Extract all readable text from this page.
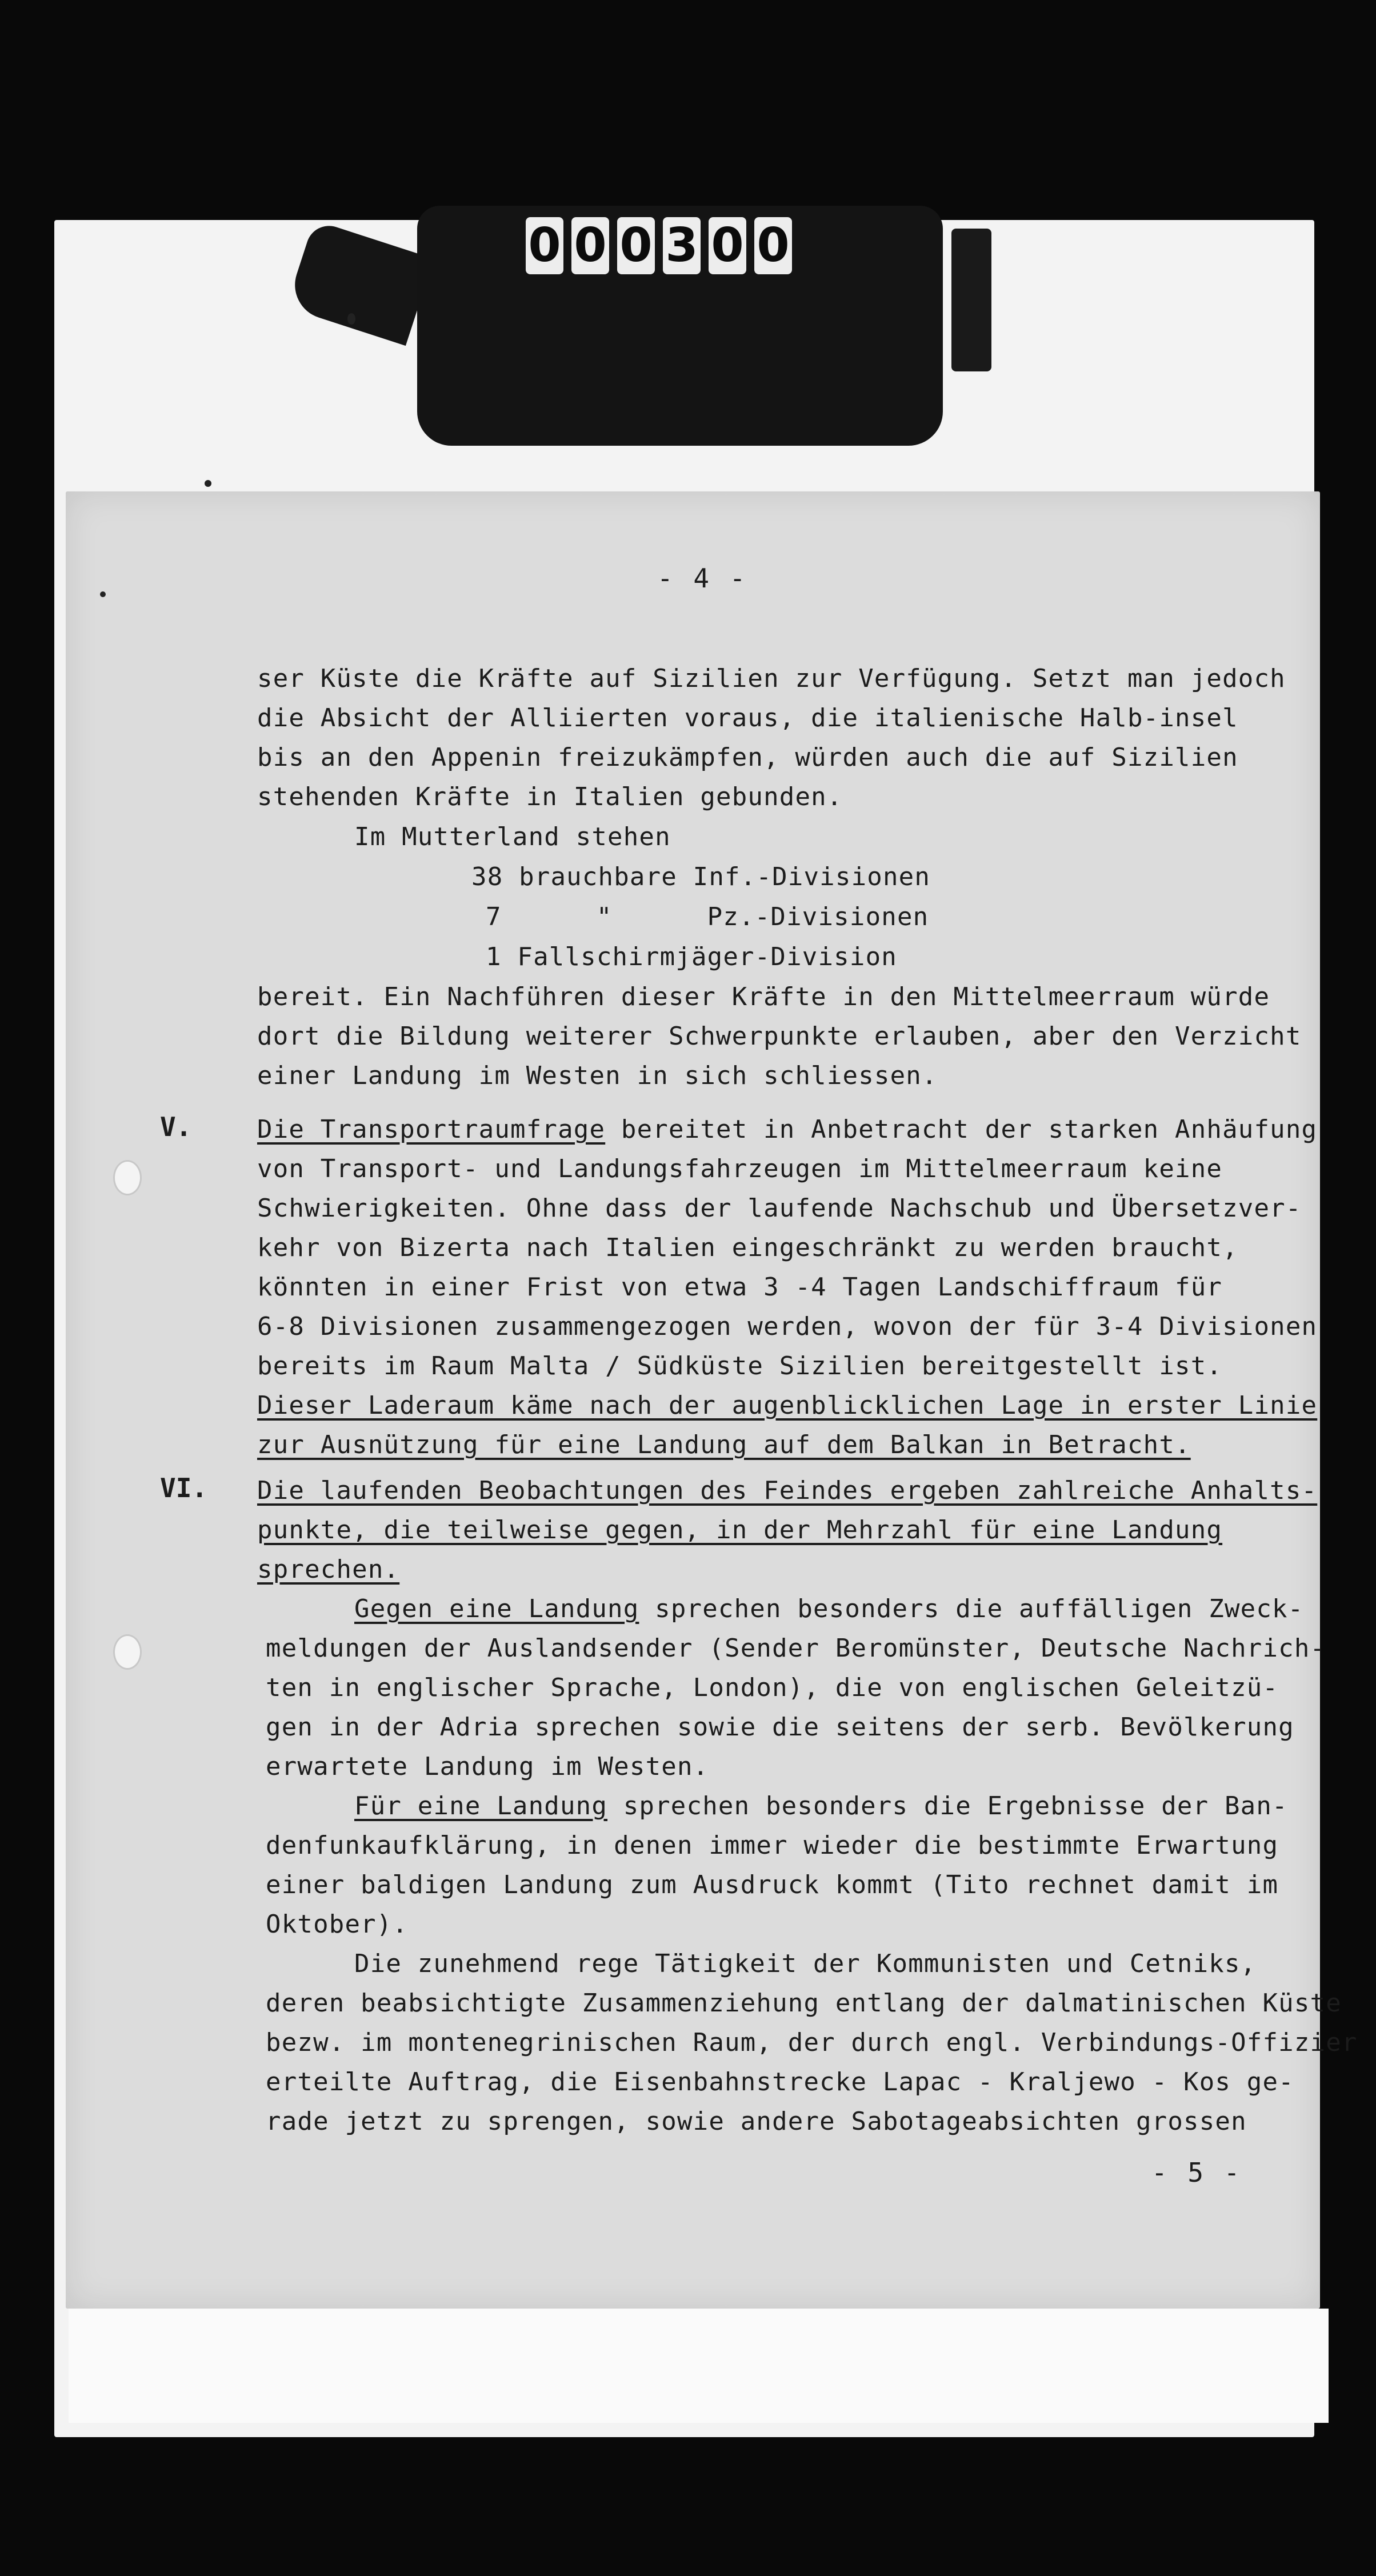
0 0 0 3 0 0
- 4 -
ser Küste die Kräfte auf Sizilien zur Verfügung. Setzt man jedoch
die Absicht der Alliierten voraus, die italienische Halb-insel
bis an den Appenin freizukämpfen, würden auch die auf Sizilien
stehenden Kräfte in Italien gebunden.
Im Mutterland stehen
38 brauchbare Inf.-Divisionen
7      "      Pz.-Divisionen
1 Fallschirmjäger-Division
bereit. Ein Nachführen dieser Kräfte in den Mittelmeerraum würde
dort die Bildung weiterer Schwerpunkte erlauben, aber den Verzicht
einer Landung im Westen in sich schliessen.
V.	Die Transportraumfrage bereitet in Anbetracht der starken Anhäufung
von Transport- und Landungsfahrzeugen im Mittelmeerraum keine
Schwierigkeiten. Ohne dass der laufende Nachschub und Übersetzver-
kehr von Bizerta nach Italien eingeschränkt zu werden braucht,
könnten in einer Frist von etwa 3 -4 Tagen Landschiffraum für
6-8 Divisionen zusammengezogen werden, wovon der für 3-4 Divisionen
bereits im Raum Malta / Südküste Sizilien bereitgestellt ist.
Dieser Laderaum käme nach der augenblicklichen Lage in erster Linie
zur Ausnützung für eine Landung auf dem Balkan in Betracht.
VI. Die laufenden Beobachtungen des Feindes ergeben zahlreiche Anhalts-
punkte, die teilweise gegen, in der Mehrzahl für eine Landung
sprechen.
Gegen eine Landung sprechen besonders die auffälligen Zweck-
meldungen der Auslandsender (Sender Beromünster, Deutsche Nachrich-
ten in englischer Sprache, London), die von englischen Geleitzü-
gen in der Adria sprechen sowie die seitens der serb. Bevölkerung
erwartete Landung im Westen.
Für eine Landung sprechen besonders die Ergebnisse der Ban-
denfunkaufklärung, in denen immer wieder die bestimmte Erwartung
einer baldigen Landung zum Ausdruck kommt (Tito rechnet damit im
Oktober).
Die zunehmend rege Tätigkeit der Kommunisten und Cetniks,
deren beabsichtigte Zusammenziehung entlang der dalmatinischen Küste
bezw. im montenegrinischen Raum, der durch engl. Verbindungs-Offizier
erteilte Auftrag, die Eisenbahnstrecke Lapac - Kraljewo - Kos ge-
rade jetzt zu sprengen, sowie andere Sabotageabsichten grossen
- 5 -
